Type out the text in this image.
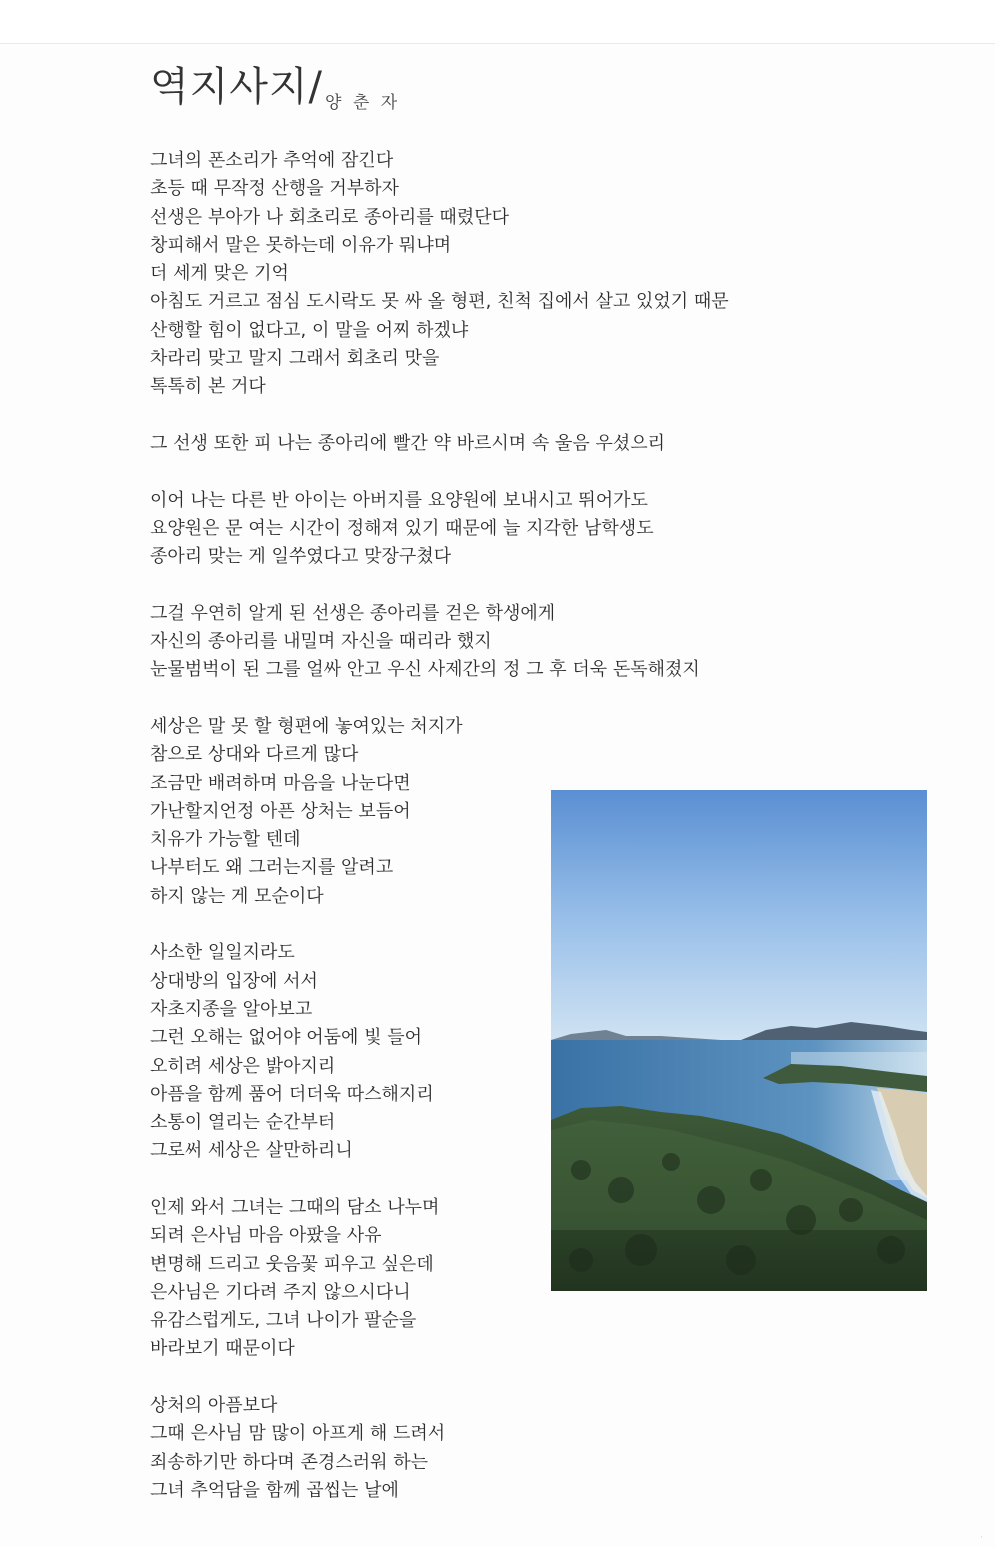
역지사지/ 양 춘 자
그녀의 폰소리가 추억에 잠긴다
초등 때 무작정 산행을 거부하자
선생은 부아가 나 회초리로 종아리를 때렸단다
창피해서 말은 못하는데 이유가 뭐냐며
더 세게 맞은 기억
아침도 거르고 점심 도시락도 못 싸 올 형편, 친척 집에서 살고 있었기 때문
산행할 힘이 없다고, 이 말을 어찌 하겠냐
차라리 맞고 말지 그래서 회초리 맛을
톡톡히 본 거다
그 선생 또한 피 나는 종아리에 빨간 약 바르시며 속 울음 우셨으리
이어 나는 다른 반 아이는 아버지를 요양원에 보내시고 뛰어가도
요양원은 문 여는 시간이 정해져 있기 때문에 늘 지각한 남학생도
종아리 맞는 게 일쑤였다고 맞장구쳤다
그걸 우연히 알게 된 선생은 종아리를 걷은 학생에게
자신의 종아리를 내밀며 자신을 때리라 했지
눈물범벅이 된 그를 얼싸 안고 우신 사제간의 정 그 후 더욱 돈독해졌지
세상은 말 못 할 형편에 놓여있는 처지가
참으로 상대와 다르게 많다
조금만 배려하며 마음을 나눈다면
가난할지언정 아픈 상처는 보듬어
치유가 가능할 텐데
나부터도 왜 그러는지를 알려고
하지 않는 게 모순이다
사소한 일일지라도
상대방의 입장에 서서
자초지종을 알아보고
그런 오해는 없어야 어둠에 빛 들어
오히려 세상은 밝아지리
아픔을 함께 품어 더더욱 따스해지리
소통이 열리는 순간부터
그로써 세상은 살만하리니
인제 와서 그녀는 그때의 담소 나누며
되려 은사님 마음 아팠을 사유
변명해 드리고 웃음꽃 피우고 싶은데
은사님은 기다려 주지 않으시다니
유감스럽게도, 그녀 나이가 팔순을
바라보기 때문이다
상처의 아픔보다
그때 은사님 맘 많이 아프게 해 드려서
죄송하기만 하다며 존경스러워 하는
그녀 추억담을 함께 곱씹는 날에
·
